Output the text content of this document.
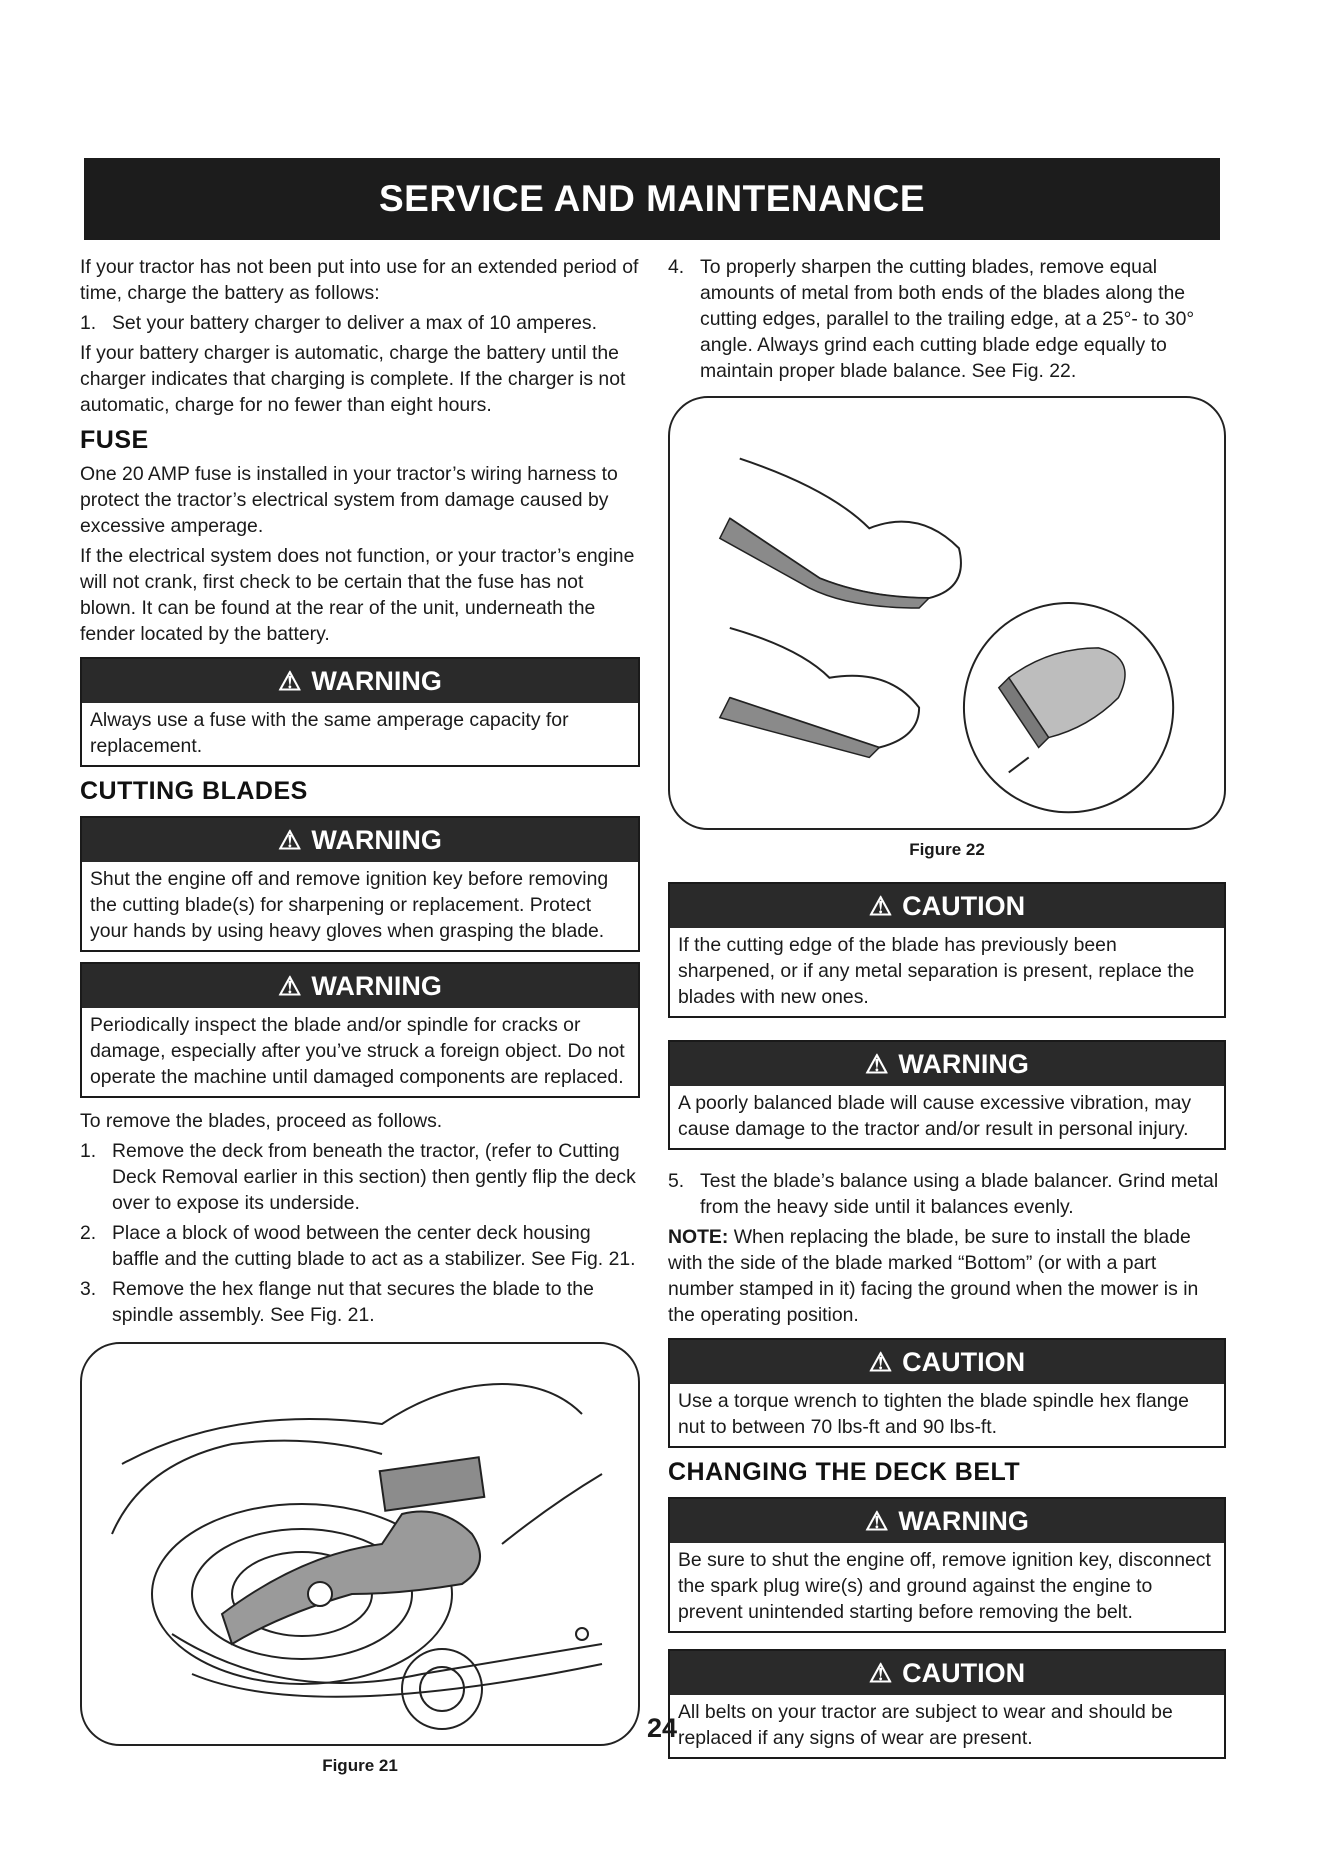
SERVICE AND MAINTENANCE

If your tractor has not been put into use for an extended period of time, charge the battery as follows:

1. Set your battery charger to deliver a max of 10 amperes.

If your battery charger is automatic, charge the battery until the charger indicates that charging is complete. If the charger is not automatic, charge for no fewer than eight hours.

FUSE

One 20 AMP fuse is installed in your tractor’s wiring harness to protect the tractor’s electrical system from damage caused by excessive amperage.

If the electrical system does not function, or your tractor’s engine will not crank, first check to be certain that the fuse has not blown. It can be found at the rear of the unit, underneath the fender located by the battery.

⚠ WARNING
Always use a fuse with the same amperage capacity for replacement.
CUTTING BLADES
⚠ WARNING
Shut the engine off and remove ignition key before removing the cutting blade(s) for sharpening or replacement. Protect your hands by using heavy gloves when grasping the blade.
⚠ WARNING
Periodically inspect the blade and/or spindle for cracks or damage, especially after you’ve struck a foreign object. Do not operate the machine until damaged components are replaced.

To remove the blades, proceed as follows.

1. Remove the deck from beneath the tractor, (refer to Cutting Deck Removal earlier in this section) then gently flip the deck over to expose its underside.
2. Place a block of wood between the center deck housing baffle and the cutting blade to act as a stabilizer. See Fig. 21.
3. Remove the hex flange nut that secures the blade to the spindle assembly. See Fig. 21.
Figure 21
4. To properly sharpen the cutting blades, remove equal amounts of metal from both ends of the blades along the cutting edges, parallel to the trailing edge, at a 25°- to 30° angle. Always grind each cutting blade edge equally to maintain proper blade balance. See Fig. 22.
Figure 22
⚠ CAUTION
If the cutting edge of the blade has previously been sharpened, or if any metal separation is present, replace the blades with new ones.
⚠ WARNING
A poorly balanced blade will cause excessive vibration, may cause damage to the tractor and/or result in personal injury.
5. Test the blade’s balance using a blade balancer. Grind metal from the heavy side until it balances evenly.

NOTE: When replacing the blade, be sure to install the blade with the side of the blade marked “Bottom” (or with a part number stamped in it) facing the ground when the mower is in the operating position.

⚠ CAUTION
Use a torque wrench to tighten the blade spindle hex flange nut to between 70 lbs-ft and 90 lbs-ft.
CHANGING THE DECK BELT
⚠ WARNING
Be sure to shut the engine off, remove ignition key, disconnect the spark plug wire(s) and ground against the engine to prevent unintended starting before removing the belt.
⚠ CAUTION
All belts on your tractor are subject to wear and should be replaced if any signs of wear are present.
24
